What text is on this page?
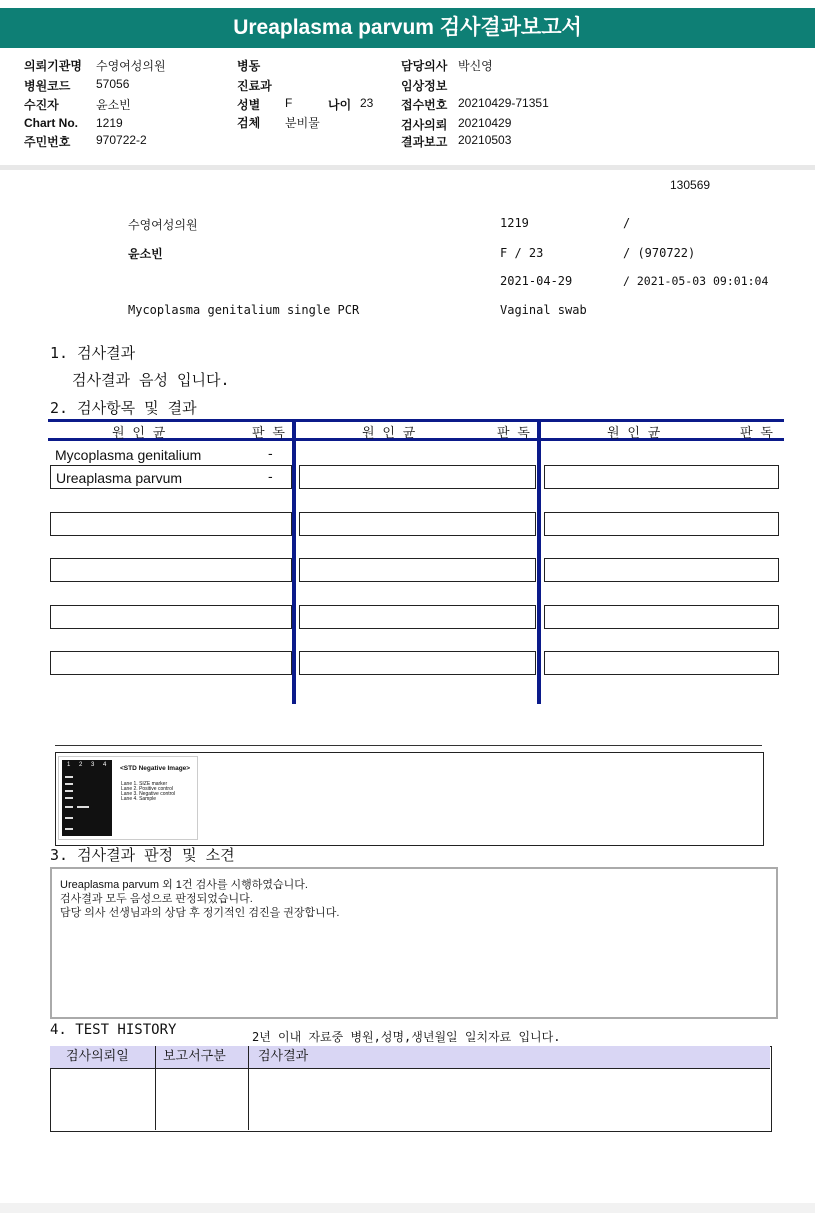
Ureaplasma parvum 검사결과보고서
의뢰기관명 수영여성의원
병원코드 57056
수진자	윤소빈
Chart No. 1219
주민번호 970722-2
병동
진료과
성별 F	나이 23
검체 분비물
담당의사 박신영
임상정보
접수번호 20210429-71351
검사의뢰 20210429
결과보고 20210503
130569
수영여성의원	1219	/
윤소빈	F / 23	/ (970722)
2021-04-29	/ 2021-05-03 09:01:04
Mycoplasma genitalium single PCR	Vaginal swab
1. 검사결과
검사결과 음성 입니다.
2. 검사항목 및 결과
원 인 균	판 독	원 인 균	판 독	원 인 균	판 독
Mycoplasma genitalium	-
Ureaplasma parvum	-
1 2 3 4 <STD Negative Image>
Lane 1. SIZE marker
Lane 2. Positive control
Lane 3. Negative control
Lane 4. Sample
3. 검사결과 판정 및 소견
Ureaplasma parvum 외 1건 검사를 시행하였습니다.
검사결과 모두 음성으로 판정되었습니다.
담당 의사 선생님과의 상담 후 정기적인 검진을 권장합니다.
4. TEST HISTORY	2년 이내 자료중 병원,성명,생년월일 일치자료 입니다.
검사의뢰일	보고서구분 검사결과
